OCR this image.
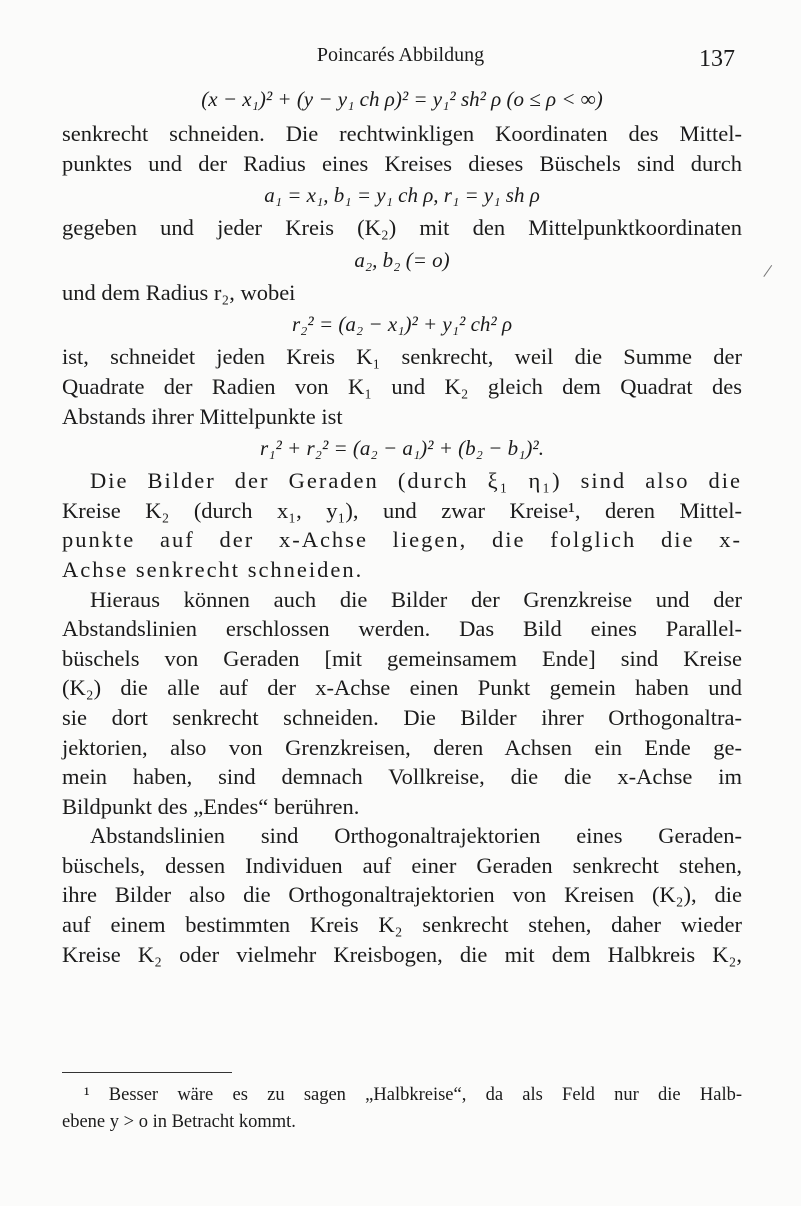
Poincarés Abbildung	137
(x − x₁)² + (y − y₁ ch ρ)² = y₁² sh² ρ (o ≤ ρ < ∞)
senkrecht schneiden. Die rechtwinkligen Koordinaten des Mittel-
punktes und der Radius eines Kreises dieses Büschels sind durch
a₁ = x₁, b₁ = y₁ ch ρ, r₁ = y₁ sh ρ
gegeben und jeder Kreis (K₂) mit den Mittelpunktkoordinaten
a₂, b₂ (= o)
und dem Radius r₂, wobei
r₂² = (a₂ − x₁)² + y₁² ch² ρ
ist, schneidet jeden Kreis K₁ senkrecht, weil die Summe der
Quadrate der Radien von K₁ und K₂ gleich dem Quadrat des
Abstands ihrer Mittelpunkte ist
r₁² + r₂² = (a₂ − a₁)² + (b₂ − b₁)².
Die Bilder der Geraden (durch ξ₁ η₁) sind also die
Kreise K₂ (durch x₁, y₁), und zwar Kreise¹, deren Mittel-
punkte auf der x-Achse liegen, die folglich die x-
Achse senkrecht schneiden.
Hieraus können auch die Bilder der Grenzkreise und der
Abstandslinien erschlossen werden. Das Bild eines Parallel-
büschels von Geraden [mit gemeinsamem Ende] sind Kreise
(K₂) die alle auf der x-Achse einen Punkt gemein haben und
sie dort senkrecht schneiden. Die Bilder ihrer Orthogonaltra-
jektorien, also von Grenzkreisen, deren Achsen ein Ende ge-
mein haben, sind demnach Vollkreise, die die x-Achse im
Bildpunkt des „Endes“ berühren.
Abstandslinien sind Orthogonaltrajektorien eines Geraden-
büschels, dessen Individuen auf einer Geraden senkrecht stehen,
ihre Bilder also die Orthogonaltrajektorien von Kreisen (K₂), die
auf einem bestimmten Kreis K₂ senkrecht stehen, daher wieder
Kreise K₂ oder vielmehr Kreisbogen, die mit dem Halbkreis K₂,
¹ Besser wäre es zu sagen „Halbkreise“, da als Feld nur die Halb-
ebene y > o in Betracht kommt.
